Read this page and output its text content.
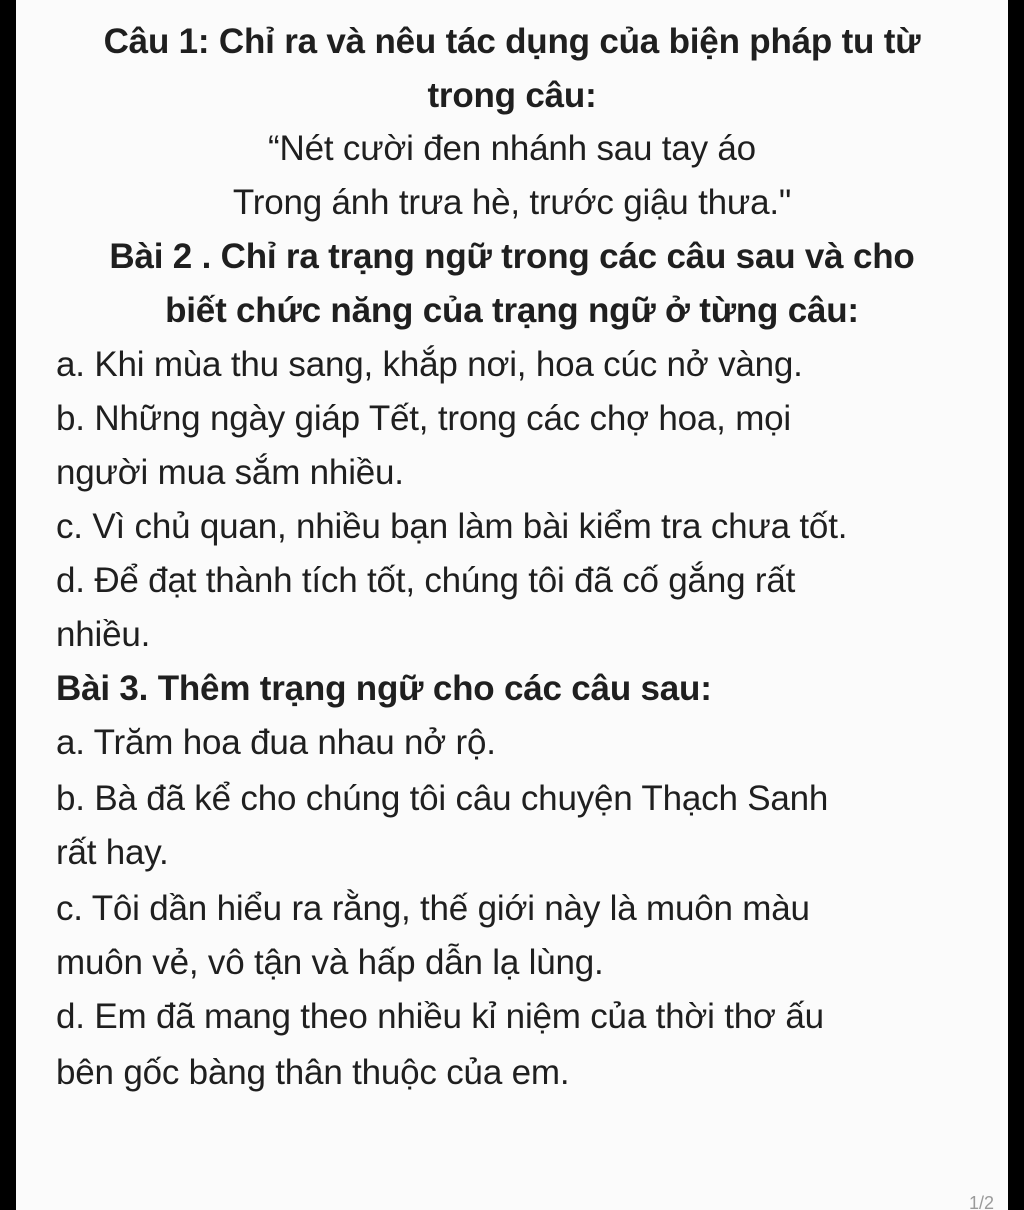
Câu 1: Chỉ ra và nêu tác dụng của biện pháp tu từ
trong câu:
“Nét cười đen nhánh sau tay áo
Trong ánh trưa hè, trước giậu thưa."
Bài 2 . Chỉ ra trạng ngữ trong các câu sau và cho
biết chức năng của trạng ngữ ở từng câu:
a. Khi mùa thu sang, khắp nơi, hoa cúc nở vàng.
b. Những ngày giáp Tết, trong các chợ hoa, mọi
người mua sắm nhiều.
c. Vì chủ quan, nhiều bạn làm bài kiểm tra chưa tốt.
d. Để đạt thành tích tốt, chúng tôi đã cố gắng rất
nhiều.
Bài 3. Thêm trạng ngữ cho các câu sau:
a. Trăm hoa đua nhau nở rộ.
b. Bà đã kể cho chúng tôi câu chuyện Thạch Sanh
rất hay.
c. Tôi dần hiểu ra rằng, thế giới này là muôn màu
muôn vẻ, vô tận và hấp dẫn lạ lùng.
d. Em đã mang theo nhiều kỉ niệm của thời thơ ấu
bên gốc bàng thân thuộc của em.
1/2
